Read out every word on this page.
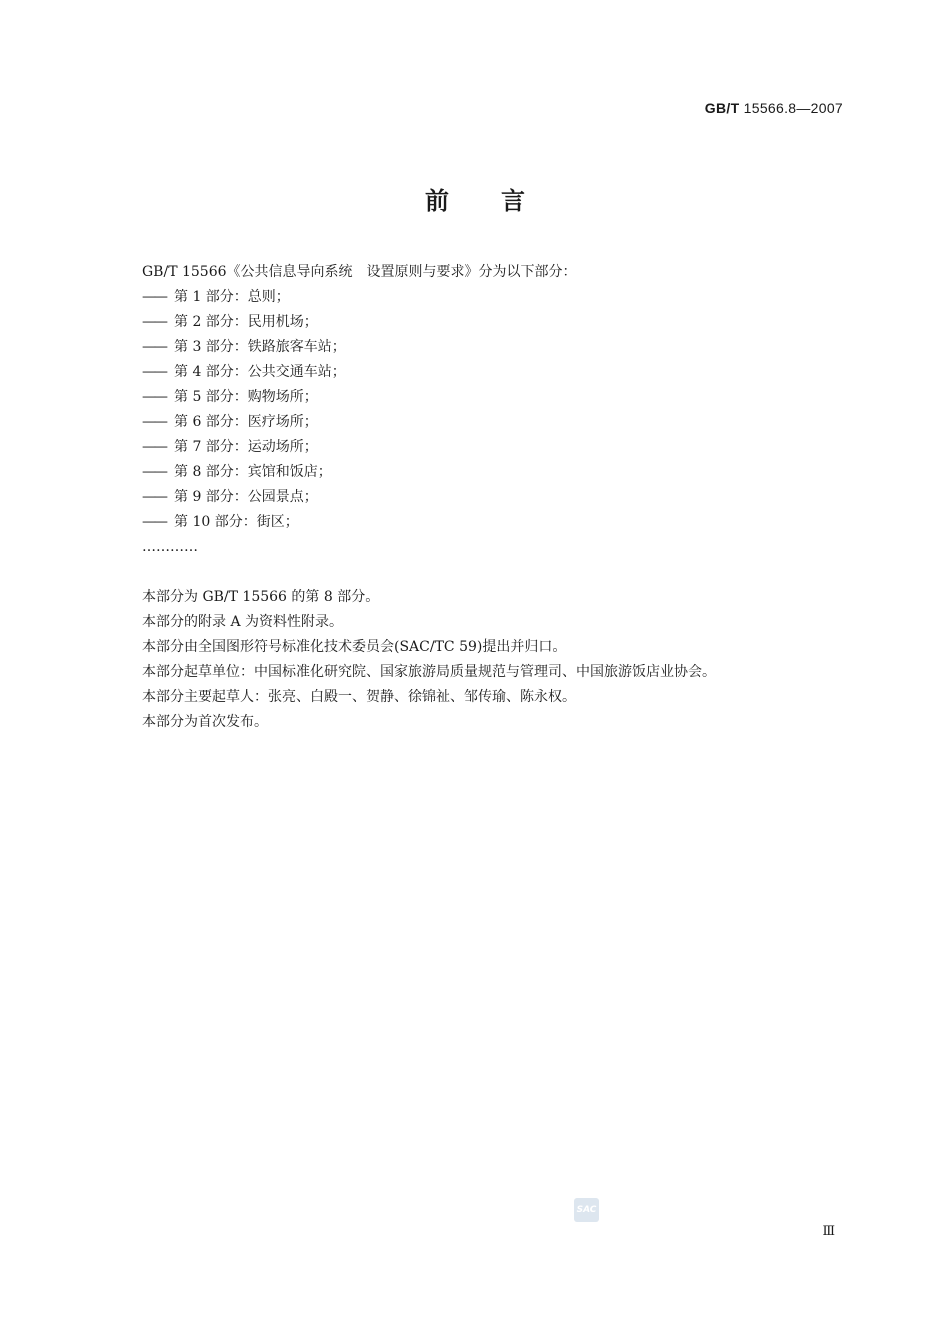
GB/T 15566.8—2007
前言
GB/T 15566《公共信息导向系统　设置原则与要求》分为以下部分：
—— 第 1 部分：总则；
—— 第 2 部分：民用机场；
—— 第 3 部分：铁路旅客车站；
—— 第 4 部分：公共交通车站；
—— 第 5 部分：购物场所；
—— 第 6 部分：医疗场所；
—— 第 7 部分：运动场所；
—— 第 8 部分：宾馆和饭店；
—— 第 9 部分：公园景点；
—— 第 10 部分：街区；
…………
本部分为 GB/T 15566 的第 8 部分。
本部分的附录 A 为资料性附录。
本部分由全国图形符号标准化技术委员会(SAC/TC 59)提出并归口。
本部分起草单位：中国标准化研究院、国家旅游局质量规范与管理司、中国旅游饭店业协会。
本部分主要起草人：张亮、白殿一、贺静、徐锦祉、邹传瑜、陈永权。
本部分为首次发布。
SAC
Ⅲ
